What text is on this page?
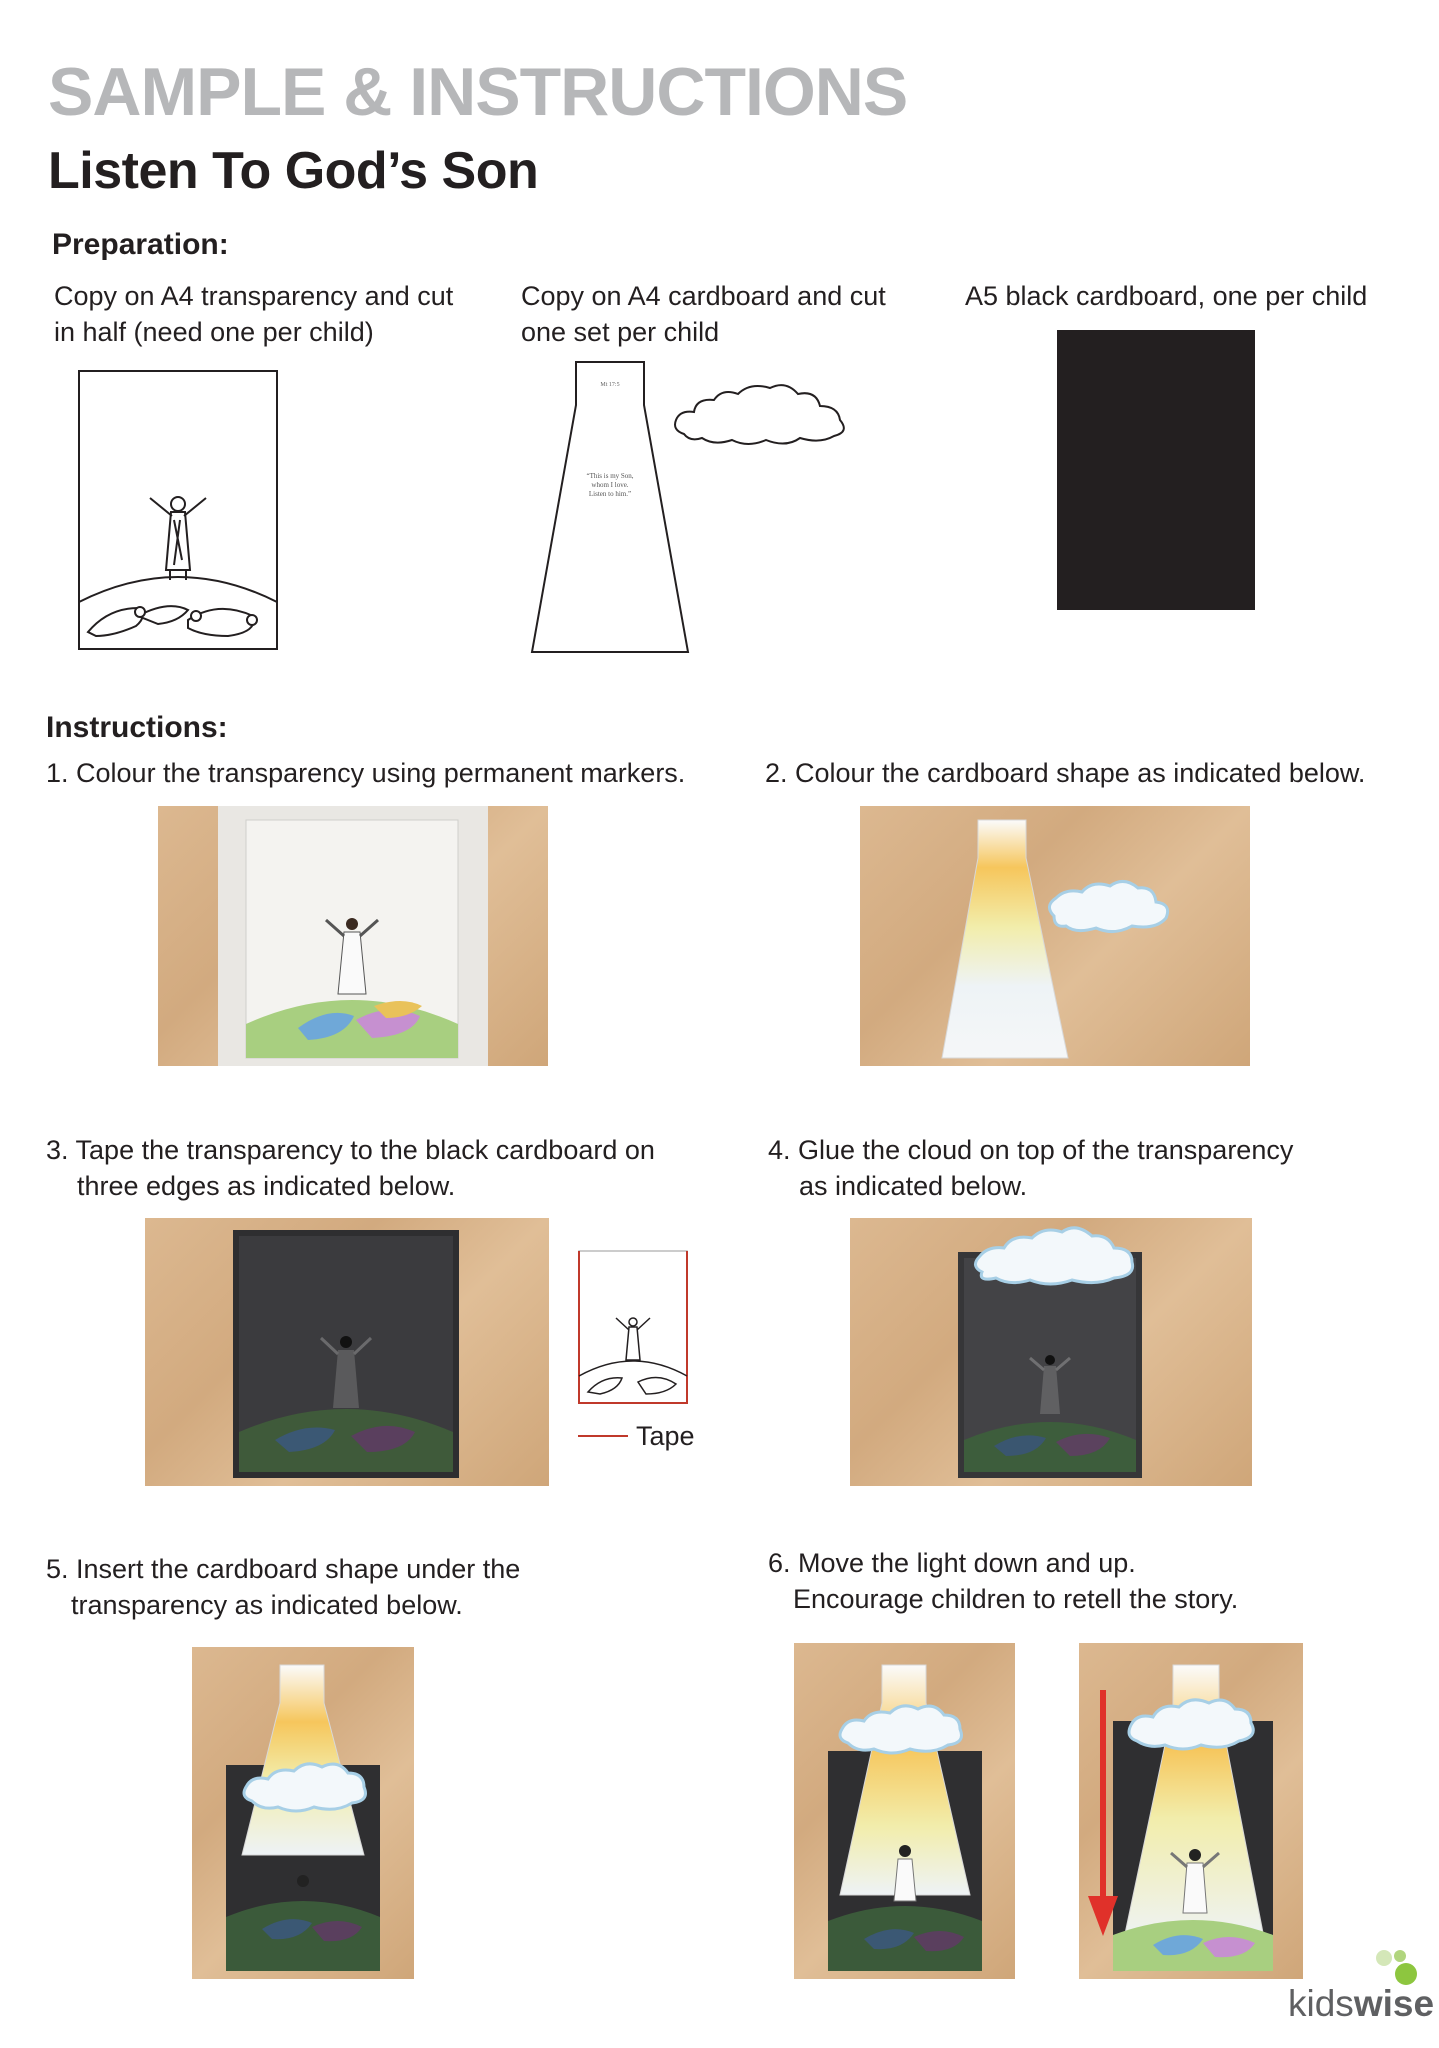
SAMPLE & INSTRUCTIONS
Listen To God’s Son
Preparation:

Copy on A4 transparency and cut

in half (need one per child)

Copy on A4 cardboard and cut

one set per child

A5 black cardboard, one per child

Mt 17:5
“This is my Son,
whom I love.
Listen to him.”
Instructions:

1. Colour the transparency using permanent markers.	2. Colour the cardboard shape as indicated below.

3. Tape the transparency to the black cardboard on

three edges as indicated below.

Tape

4. Glue the cloud on top of the transparency

as indicated below.

5. Insert the cardboard shape under the

transparency as indicated below.

6. Move the light down and up.

Encourage children to retell the story.

kidswise
